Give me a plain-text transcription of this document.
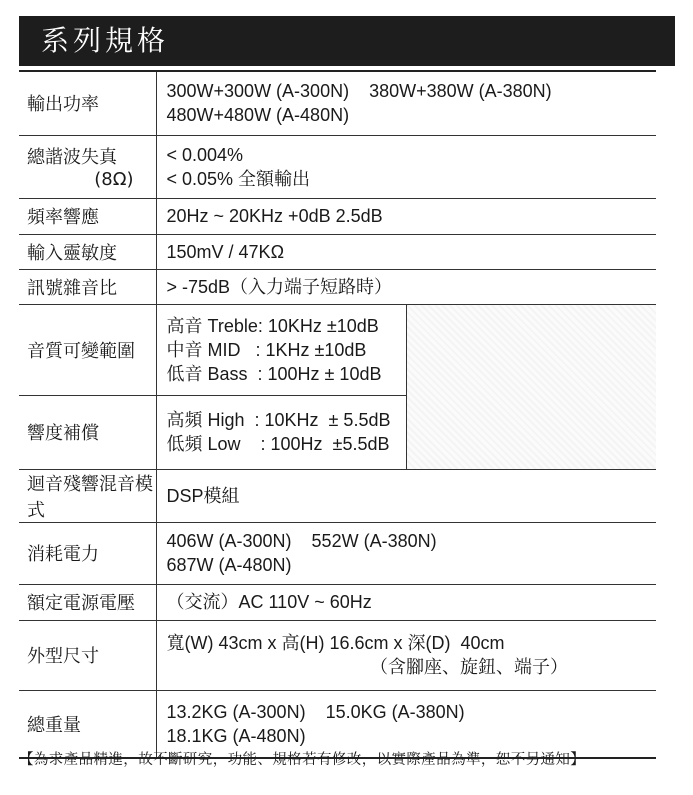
系列規格
輸出功率	300W+300W (A-300N)    380W+380W (A-380N)
480W+480W (A-480N)	

總諧波失真
(8Ω)	< 0.004%
< 0.05% 全額輸出	

頻率響應	20Hz ~ 20KHz +0dB 2.5dB	

輸入靈敏度	150mV / 47KΩ	

訊號雜音比	> -75dB（入力端子短路時）	

音質可變範圍	高音 Treble: 10KHz ±10dB
中音 MID   : 1KHz ±10dB
低音 Bass  : 100Hz ± 10dB	

響度補償	高頻 High  : 10KHz  ± 5.5dB
低頻 Low    : 100Hz  ±5.5dB	

迴音殘響混音模式	DSP模組	

消耗電力	406W (A-300N)    552W (A-380N)
687W (A-480N)	

額定電源電壓	（交流）AC 110V ~ 60Hz	

外型尺寸	寬(W) 43cm x 高(H) 16.6cm x 深(D)  40cm
（含腳座、旋鈕、端子）	

總重量	13.2KG (A-300N)    15.0KG (A-380N)
18.1KG (A-480N)	
【為求產品精進，故不斷研究，功能、規格若有修改，以實際產品為準，恕不另通知】
